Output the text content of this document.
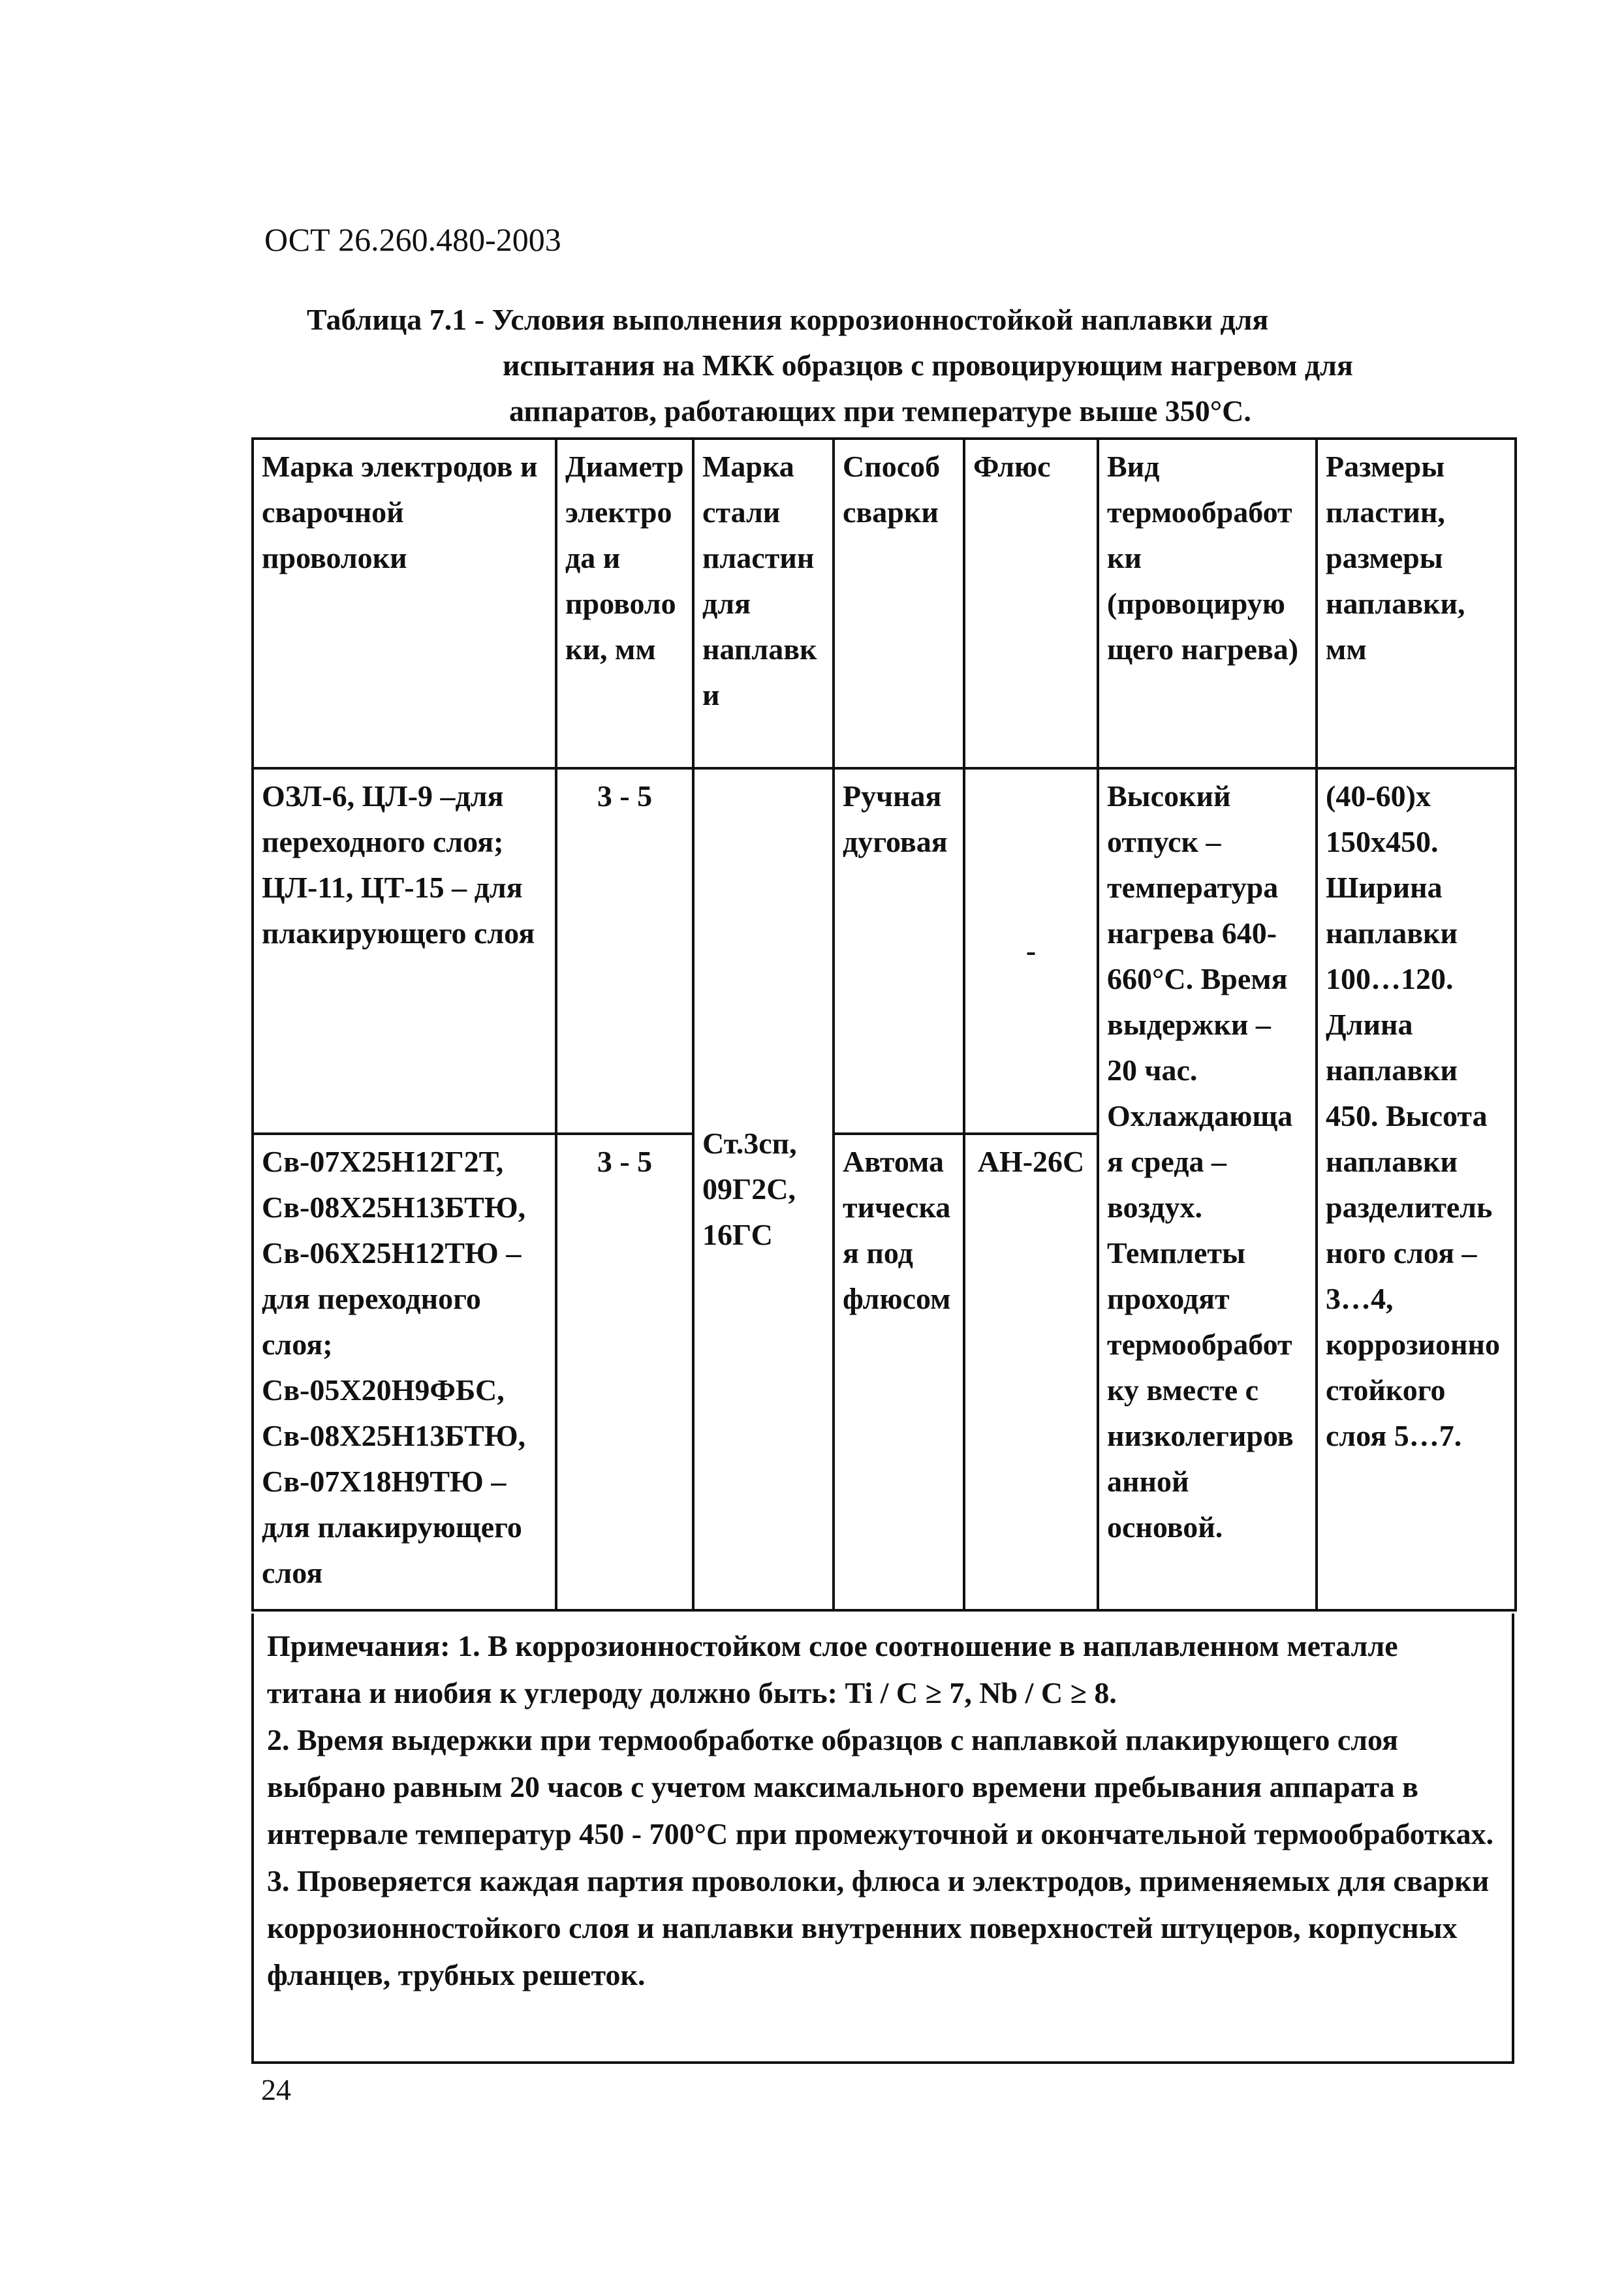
ОСТ 26.260.480-2003
Таблица 7.1 - Условия выполнения коррозионностойкой наплавки для
испытания на МКК образцов с провоцирующим нагревом для
аппаратов, работающих при температуре выше 350°С.
Марка электродов и сварочной проволоки	Диаметр электрода и проволоки, мм	Марка стали пластин для наплавки	Способ сварки	Флюс	Вид термообработки (провоцирующего нагрева)	Размеры пластин, размеры наплавки, мм
ОЗЛ-6, ЦЛ-9 –для переходного слоя;
ЦЛ-11, ЦТ-15 – для плакирующего слоя	3 - 5	Ст.3сп, 09Г2С, 16ГС	Ручная дуговая	-	Высокий отпуск – температура нагрева 640-660°С. Время выдержки – 20 час. Охлаждающая среда – воздух. Темплеты проходят термообработку вместе с низколегированной основой.	(40-60)х 150х450. Ширина наплавки 100…120. Длина наплавки 450. Высота наплавки разделительного слоя – 3…4, коррозионностойкого слоя 5…7.
Св-07Х25Н12Г2Т, Св-08Х25Н13БТЮ, Св-06Х25Н12ТЮ – для переходного слоя;
Св-05Х20Н9ФБС, Св-08Х25Н13БТЮ, Св-07Х18Н9ТЮ – для плакирующего слоя	3 - 5		Автоматическая под флюсом	АН-26С		

Примечания: 1. В коррозионностойком слое соотношение в наплавленном металле

титана и ниобия к углероду должно быть: Ti / C ≥ 7, Nb / C ≥ 8.

2. Время выдержки при термообработке образцов с наплавкой плакирующего слоя выбрано равным 20 часов с учетом максимального времени пребывания аппарата в интервале температур 450 - 700°С при промежуточной и окончательной термообработках.

3. Проверяется каждая партия проволоки, флюса и электродов, применяемых для сварки коррозионностойкого слоя и наплавки внутренних поверхностей штуцеров, корпусных фланцев, трубных решеток.

24
